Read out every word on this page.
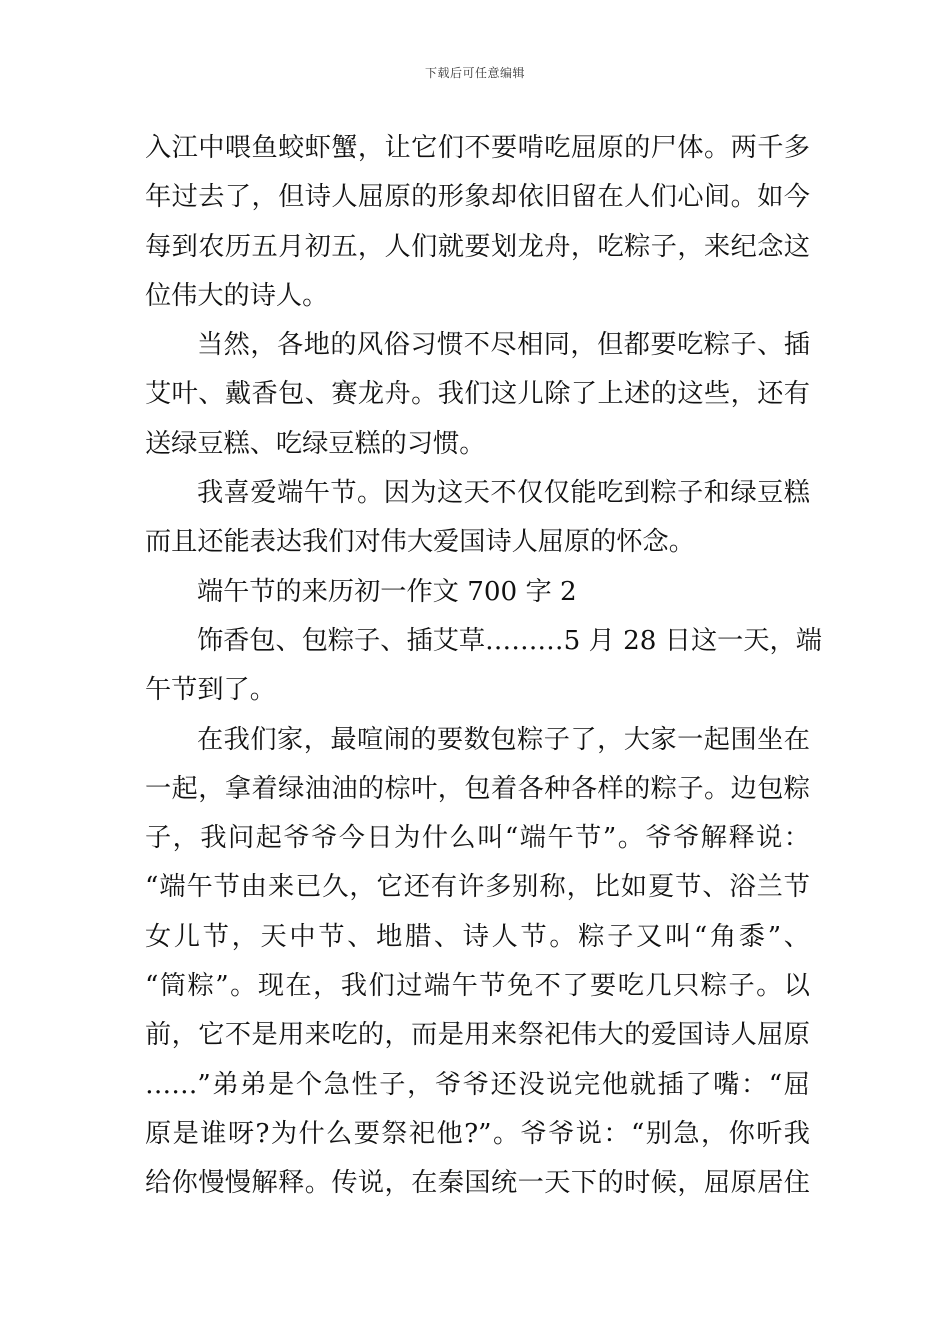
下载后可任意编辑
入江中喂鱼蛟虾蟹，让它们不要啃吃屈原的尸体。两千多
年过去了，但诗人屈原的形象却依旧留在人们心间。如今
每到农历五月初五，人们就要划龙舟，吃粽子，来纪念这
位伟大的诗人。
当然，各地的风俗习惯不尽相同，但都要吃粽子、插
艾叶、戴香包、赛龙舟。我们这儿除了上述的这些，还有
送绿豆糕、吃绿豆糕的习惯。
我喜爱端午节。因为这天不仅仅能吃到粽子和绿豆糕
而且还能表达我们对伟大爱国诗人屈原的怀念。
端午节的来历初一作文 700 字 2
饰香包、包粽子、插艾草………5 月 28 日这一天，端
午节到了。
在我们家，最喧闹的要数包粽子了，大家一起围坐在
一起，拿着绿油油的棕叶，包着各种各样的粽子。边包粽
子，我问起爷爷今日为什么叫“端午节”。爷爷解释说：
“端午节由来已久，它还有许多别称，比如夏节、浴兰节
女儿节，天中节、地腊、诗人节。粽子又叫“角黍”、
“筒粽”。现在，我们过端午节免不了要吃几只粽子。以
前，它不是用来吃的，而是用来祭祀伟大的爱国诗人屈原
……”弟弟是个急性子，爷爷还没说完他就插了嘴：“屈
原是谁呀?为什么要祭祀他?”。爷爷说：“别急，你听我
给你慢慢解释。传说，在秦国统一天下的时候，屈原居住
